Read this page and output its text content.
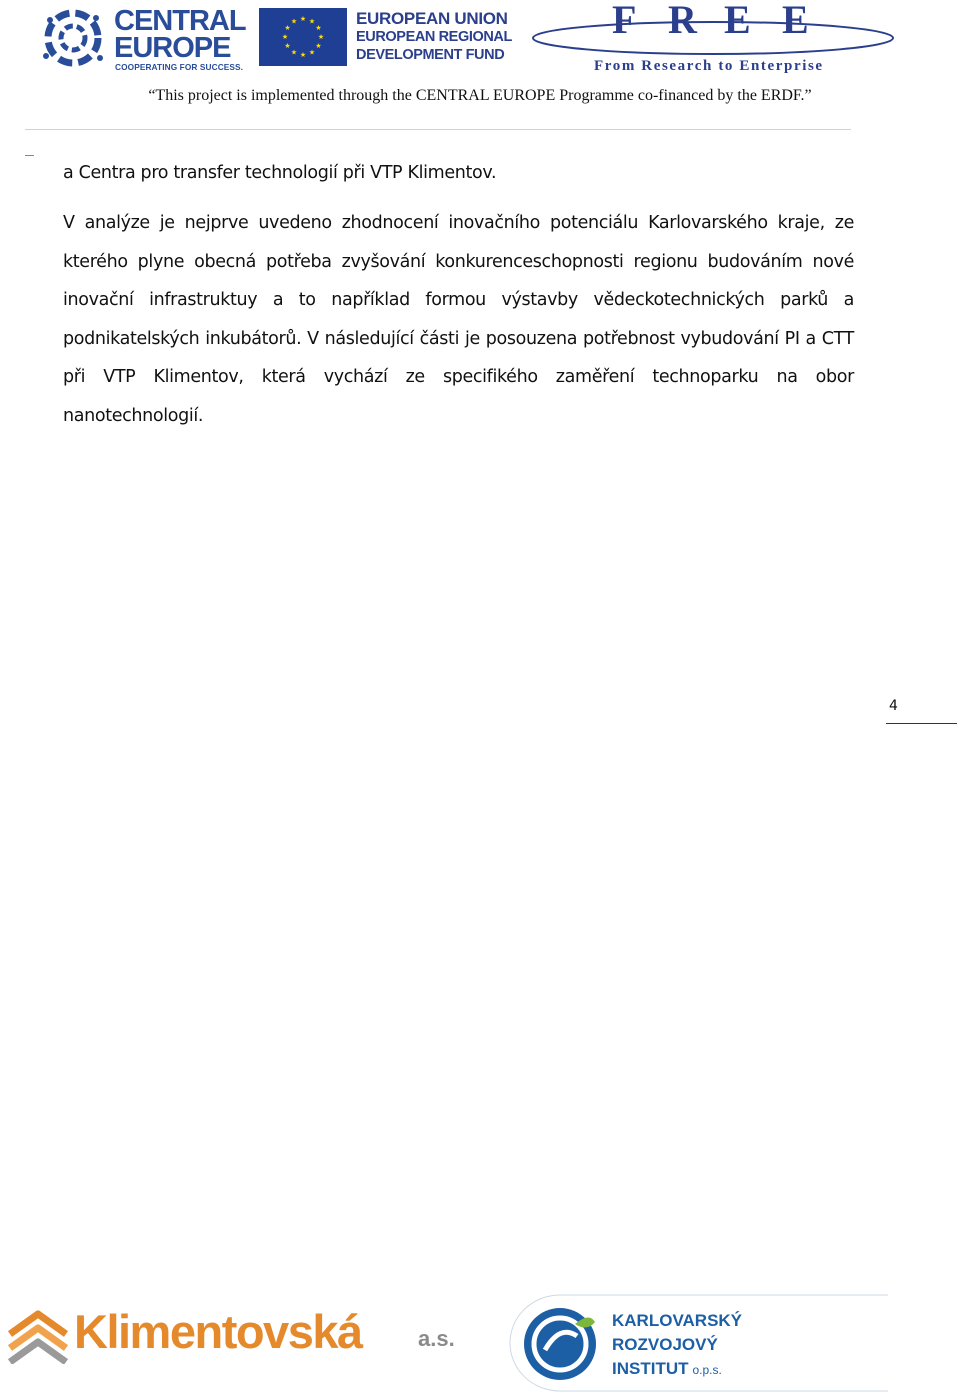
CENTRAL
EUROPE
COOPERATING FOR SUCCESS.
★ ★
★
★
★
★
★
★
★
★
★
★	EUROPEAN UNION
EUROPEAN REGIONAL
DEVELOPMENT FUND
F R E E
From Research to Enterprise
“This project is implemented through the CENTRAL EUROPE Programme co-financed by the ERDF.”
a Centra pro transfer technologií při VTP Klimentov.
V analýze je nejprve uvedeno zhodnocení inovačního potenciálu Karlovarského kraje, ze kterého plyne obecná potřeba zvyšování konkurenceschopnosti regionu budováním nové inovační infrastruktuy a to například formou výstavby vědeckotechnických parků a podnikatelských inkubátorů. V následující části je posouzena potřebnost vybudování PI a CTT při VTP Klimentov, která vychází ze specifikého zaměření technoparku na obor nanotechnologií.
4
Klimentovská	a.s.
KARLOVARSKÝ
ROZVOJOVÝ
INSTITUT o.p.s.
